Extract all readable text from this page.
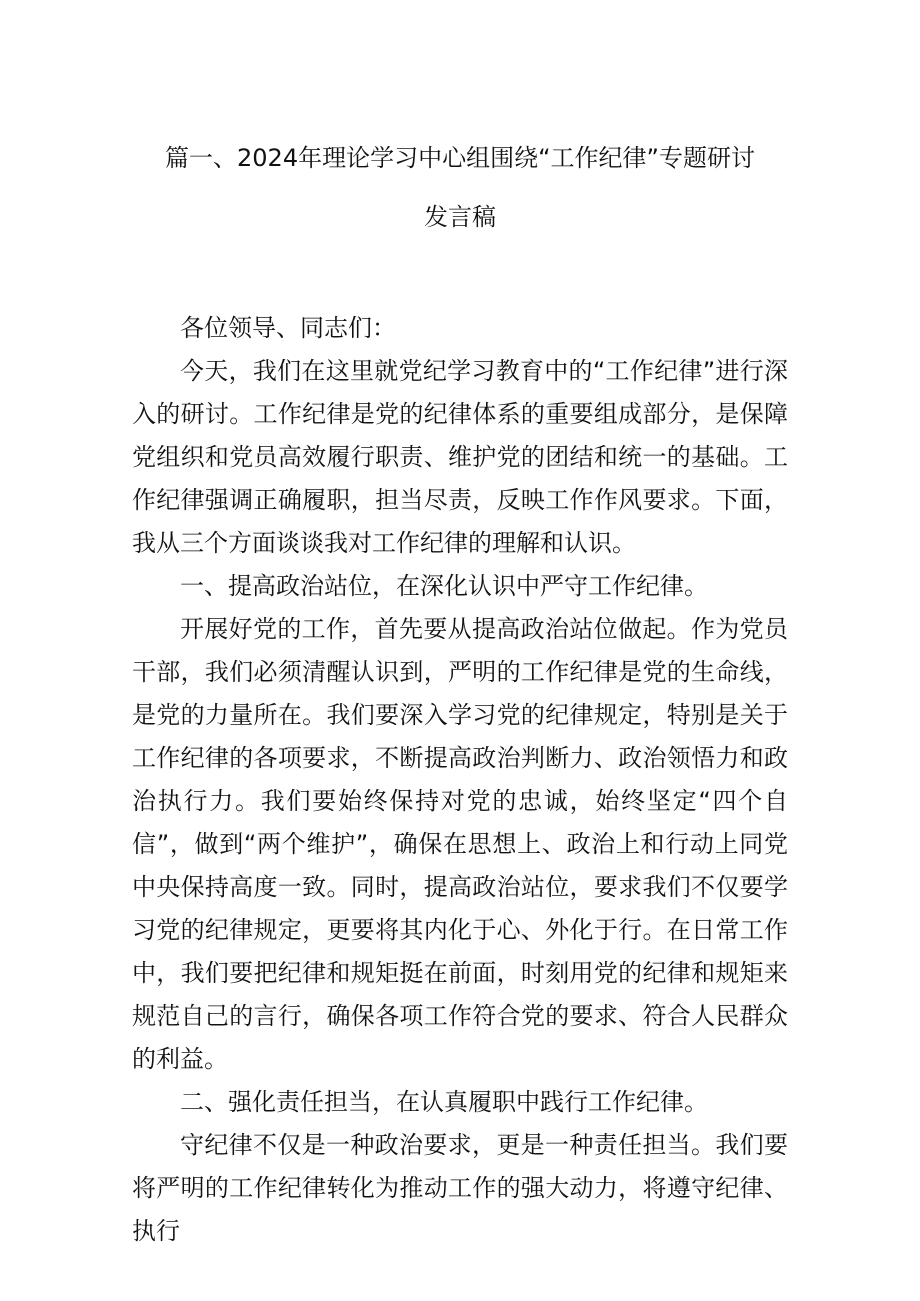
篇一、2024年理论学习中心组围绕“工作纪律”专题研讨
发言稿

各位领导、同志们：

今天，我们在这里就党纪学习教育中的“工作纪律”进行深入的研讨。工作纪律是党的纪律体系的重要组成部分，是保障党组织和党员高效履行职责、维护党的团结和统一的基础。工作纪律强调正确履职，担当尽责，反映工作作风要求。下面，我从三个方面谈谈我对工作纪律的理解和认识。

一、提高政治站位，在深化认识中严守工作纪律。

开展好党的工作，首先要从提高政治站位做起。作为党员干部，我们必须清醒认识到，严明的工作纪律是党的生命线，是党的力量所在。我们要深入学习党的纪律规定，特别是关于工作纪律的各项要求，不断提高政治判断力、政治领悟力和政治执行力。我们要始终保持对党的忠诚，始终坚定“四个自信”，做到“两个维护”，确保在思想上、政治上和行动上同党中央保持高度一致。同时，提高政治站位，要求我们不仅要学习党的纪律规定，更要将其内化于心、外化于行。在日常工作中，我们要把纪律和规矩挺在前面，时刻用党的纪律和规矩来规范自己的言行，确保各项工作符合党的要求、符合人民群众的利益。

二、强化责任担当，在认真履职中践行工作纪律。

守纪律不仅是一种政治要求，更是一种责任担当。我们要将严明的工作纪律转化为推动工作的强大动力，将遵守纪律、执行
